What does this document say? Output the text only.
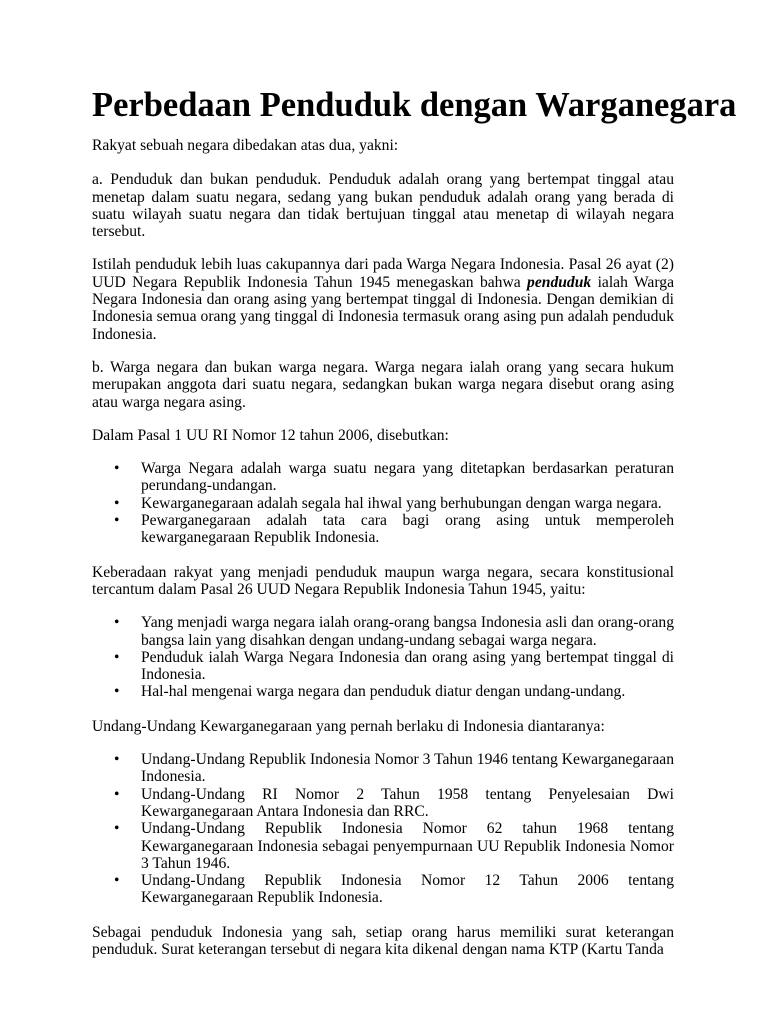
Perbedaan Penduduk dengan Warganegara

Rakyat sebuah negara dibedakan atas dua, yakni:

a. Penduduk dan bukan penduduk. Penduduk adalah orang yang bertempat tinggal atau menetap dalam suatu negara, sedang yang bukan penduduk adalah orang yang berada di suatu wilayah suatu negara dan tidak bertujuan tinggal atau menetap di wilayah negara tersebut.

Istilah penduduk lebih luas cakupannya dari pada Warga Negara Indonesia. Pasal 26 ayat (2) UUD Negara Republik Indonesia Tahun 1945 menegaskan bahwa penduduk ialah Warga Negara Indonesia dan orang asing yang bertempat tinggal di Indonesia. Dengan demikian di Indonesia semua orang yang tinggal di Indonesia termasuk orang asing pun adalah penduduk Indonesia.

b. Warga negara dan bukan warga negara. Warga negara ialah orang yang secara hukum merupakan anggota dari suatu negara, sedangkan bukan warga negara disebut orang asing atau warga negara asing.

Dalam Pasal 1 UU RI Nomor 12 tahun 2006, disebutkan:

• Warga Negara adalah warga suatu negara yang ditetapkan berdasarkan peraturan perundang-undangan.
• Kewarganegaraan adalah segala hal ihwal yang berhubungan dengan warga negara.
• Pewarganegaraan adalah tata cara bagi orang asing untuk memperoleh kewarganegaraan Republik Indonesia.

Keberadaan rakyat yang menjadi penduduk maupun warga negara, secara konstitusional tercantum dalam Pasal 26 UUD Negara Republik Indonesia Tahun 1945, yaitu:

• Yang menjadi warga negara ialah orang-orang bangsa Indonesia asli dan orang-orang bangsa lain yang disahkan dengan undang-undang sebagai warga negara.
• Penduduk ialah Warga Negara Indonesia dan orang asing yang bertempat tinggal di Indonesia.
• Hal-hal mengenai warga negara dan penduduk diatur dengan undang-undang.

Undang-Undang Kewarganegaraan yang pernah berlaku di Indonesia diantaranya:

• Undang-Undang Republik Indonesia Nomor 3 Tahun 1946 tentang Kewarganegaraan Indonesia.
• Undang-Undang RI Nomor 2 Tahun 1958 tentang Penyelesaian Dwi Kewarganegaraan Antara Indonesia dan RRC.
• Undang-Undang Republik Indonesia Nomor 62 tahun 1968 tentang Kewarganegaraan Indonesia sebagai penyempurnaan UU Republik Indonesia Nomor 3 Tahun 1946.
• Undang-Undang Republik Indonesia Nomor 12 Tahun 2006 tentang Kewarganegaraan Republik Indonesia.

Sebagai penduduk Indonesia yang sah, setiap orang harus memiliki surat keterangan penduduk. Surat keterangan tersebut di negara kita dikenal dengan nama KTP (Kartu Tanda
